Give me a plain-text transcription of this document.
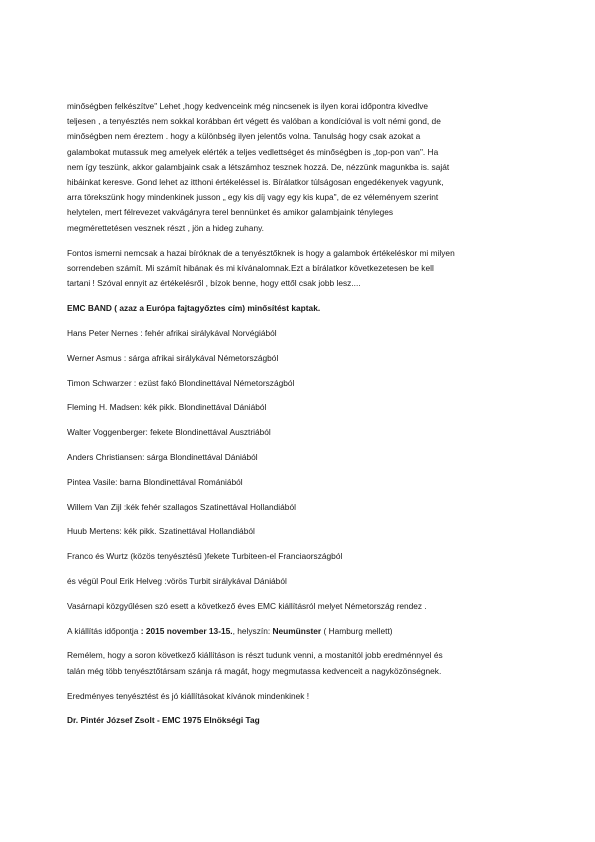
minőségben felkészítve" Lehet ,hogy kedvenceink még nincsenek is ilyen korai időpontra kivedlve
teljesen , a tenyésztés nem sokkal korábban ért végett és valóban a kondícióval is volt némi gond, de
minőségben nem éreztem . hogy a különbség ilyen jelentős volna. Tanulság hogy csak azokat a
galambokat mutassuk meg amelyek elérték a teljes vedlettséget és minőségben is „top-pon van". Ha
nem így teszünk, akkor galambjaink csak a létszámhoz tesznek hozzá. De, nézzünk magunkba is. saját
hibáinkat keresve. Gond lehet az itthoni értékeléssel is. Bírálatkor túlságosan engedékenyek vagyunk,
arra törekszünk hogy mindenkinek jusson „ egy kis díj vagy egy kis kupa", de ez véleményem szerint
helytelen, mert félrevezet vakvágányra terel bennünket és amikor galambjaink tényleges
megmérettetésen vesznek részt , jön a hideg zuhany.

Fontos ismerni nemcsak a hazai bíróknak de a tenyésztőknek is hogy a galambok értékeléskor mi milyen
sorrendeben számít. Mi számít hibának és mi kívánalomnak.Ezt a bírálatkor következetesen be kell
tartani ! Szóval ennyit az értékelésről , bízok benne, hogy ettől csak jobb lesz....

EMC BAND ( azaz a Európa fajtagyőztes cím) minősítést kaptak.

Hans Peter Nernes : fehér afrikai sirálykával Norvégiából

Werner Asmus : sárga afrikai sirálykával Németországból

Timon Schwarzer : ezüst fakó Blondinettával Németországból

Fleming H. Madsen: kék pikk. Blondinettával Dániából

Walter Voggenberger: fekete Blondinettával Ausztriából

Anders Christiansen: sárga Blondinettával Dániából

Pintea Vasile: barna Blondinettával Romániából

Willem Van Zijl :kék fehér szallagos Szatinettával Hollandiából

Huub Mertens: kék pikk. Szatinettával Hollandiából

Franco és Wurtz (közös tenyésztésű )fekete Turbiteen-el Franciaországból

és végül Poul Erik Helveg :vörös Turbit sirálykával Dániából

Vasárnapi közgyűlésen szó esett a következő éves EMC kiállításról melyet Németország rendez .

A kiállítás időpontja : 2015 november 13-15., helyszín: Neumünster ( Hamburg mellett)

Remélem, hogy a soron következő kiállításon is részt tudunk venni, a mostanitól jobb eredménnyel és
talán még több tenyésztőtársam szánja rá magát, hogy megmutassa kedvenceit a nagyközönségnek.

Eredményes tenyésztést és jó kiállításokat kívánok mindenkinek !

Dr. Pintér József Zsolt - EMC 1975 Elnökségi Tag
